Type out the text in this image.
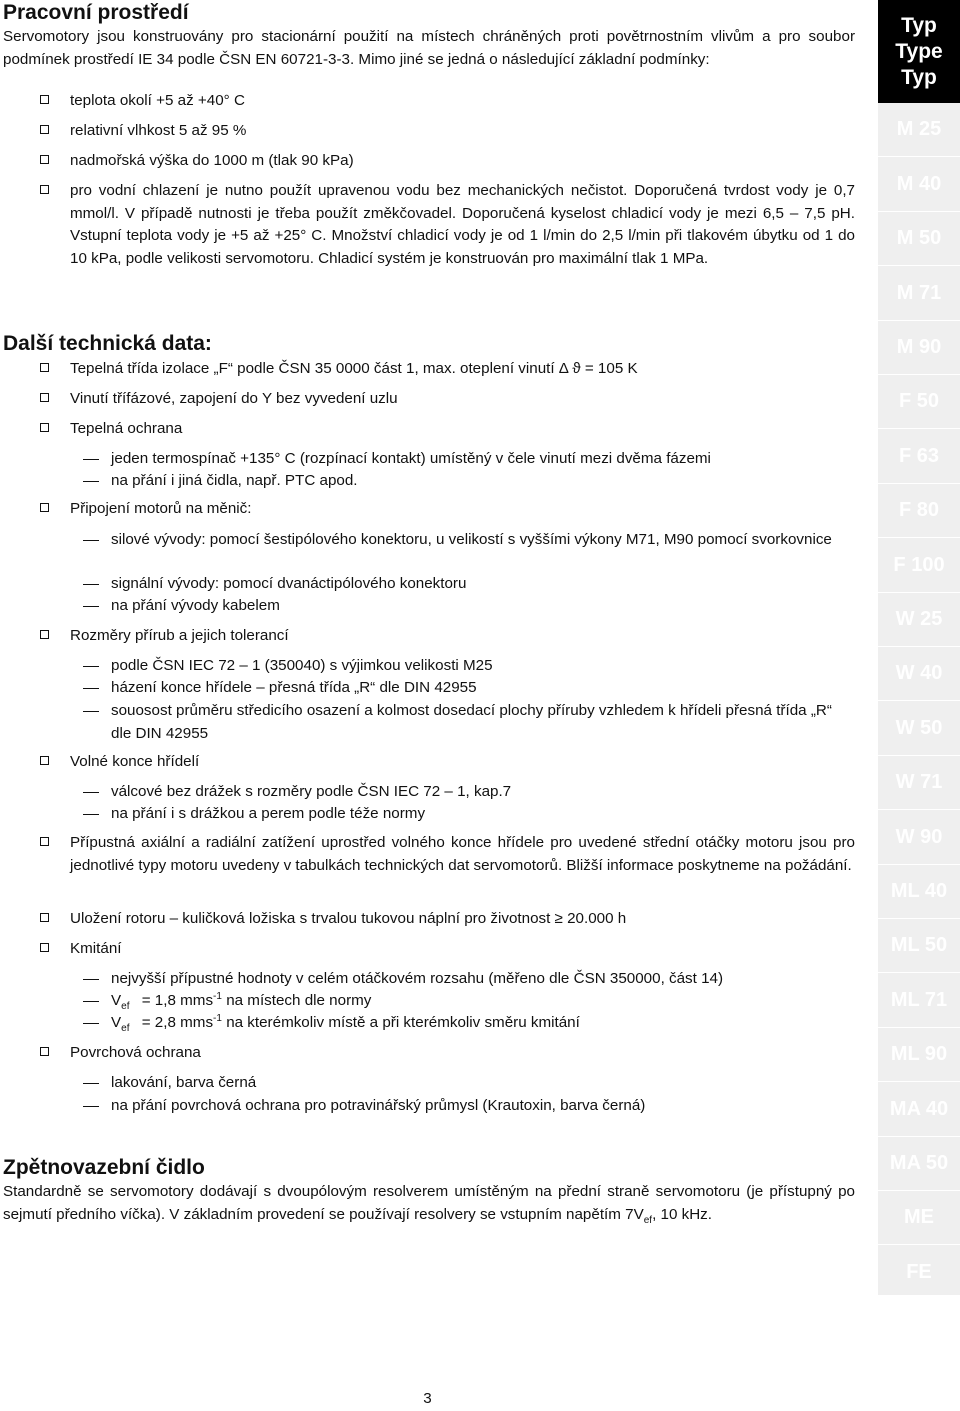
Pracovní prostředí

Servomotory jsou konstruovány pro stacionární použití na místech chráněných proti povětrnostním vlivům a pro soubor podmínek prostředí IE 34 podle ČSN EN 60721-3-3. Mimo jiné se jedná o následující základní podmínky:

teplota okolí +5 až +40° C
relativní vlhkost 5 až 95 %
nadmořská výška do 1000 m (tlak 90 kPa)
pro vodní chlazení je nutno použít upravenou vodu bez mechanických nečistot. Doporučená tvrdost vody je 0,7 mmol/l. V případě nutnosti je třeba použít změkčovadel. Doporučená kyselost chladicí vody je mezi 6,5 – 7,5 pH. Vstupní teplota vody je +5 až +25° C. Množství chladicí vody je od 1 l/min do 2,5 l/min při tlakovém úbytku od 1 do 10 kPa, podle velikosti servomotoru. Chladicí systém je konstruován pro maximální tlak 1 MPa.
Další technická data:
Tepelná třída izolace „F“ podle ČSN 35 0000 část 1, max. oteplení vinutí Δ ϑ = 105 K
Vinutí třífázové, zapojení do Y bez vyvedení uzlu
Tepelná ochrana
jeden termospínač +135° C (rozpínací kontakt) umístěný v čele vinutí mezi dvěma fázemi
na přání i jiná čidla, např. PTC apod.
Připojení motorů na měnič:
silové vývody: pomocí šestipólového konektoru, u velikostí s vyššími výkony M71, M90 pomocí svorkovnice
signální vývody: pomocí dvanáctipólového konektoru
na přání vývody kabelem
Rozměry přírub a jejich tolerancí
podle ČSN IEC 72 – 1 (350040) s výjimkou velikosti M25
házení konce hřídele – přesná třída „R“ dle DIN 42955
souosost průměru středicího osazení a kolmost dosedací plochy příruby vzhledem k hřídeli přesná třída „R“ dle DIN 42955
Volné konce hřídelí
válcové bez drážek s rozměry podle ČSN IEC 72 – 1, kap.7
na přání i s drážkou a perem podle téže normy
Přípustná axiální a radiální zatížení uprostřed volného konce hřídele pro uvedené střední otáčky motoru jsou pro jednotlivé typy motoru uvedeny v tabulkách technických dat servomotorů. Bližší informace poskytneme na požádání.
Uložení rotoru – kuličková ložiska s trvalou tukovou náplní pro životnost ≥ 20.000 h
Kmitání
nejvyšší přípustné hodnoty v celém otáčkovém rozsahu (měřeno dle ČSN 350000, část 14)
$V_{ef} = 1,8$ mms$^{-1}$ na místech dle normy
$V_{ef} = 2,8$ mms$^{-1}$ na kterémkoliv místě a při kterémkoliv směru kmitání
Povrchová ochrana
lakování, barva černá
na přání povrchová ochrana pro potravinářský průmysl (Krautoxin, barva černá)
Zpětnovazební čidlo

Standardně se servomotory dodávají s dvoupólovým resolverem umístěným na přední straně servomotoru (je přístupný po sejmutí předního víčka). V základním provedení se používají resolvery se vstupním napětím $7V_{ef}$, 10 kHz.

Typ
Type
Typ
M 25
M 40
M 50
M 71
M 90
F 50
F 63
F 80
F 100
W 25
W 40
W 50
W 71
W 90
ML 40
ML 50
ML 71
ML 90
MA 40
MA 50
ME
FE
3
